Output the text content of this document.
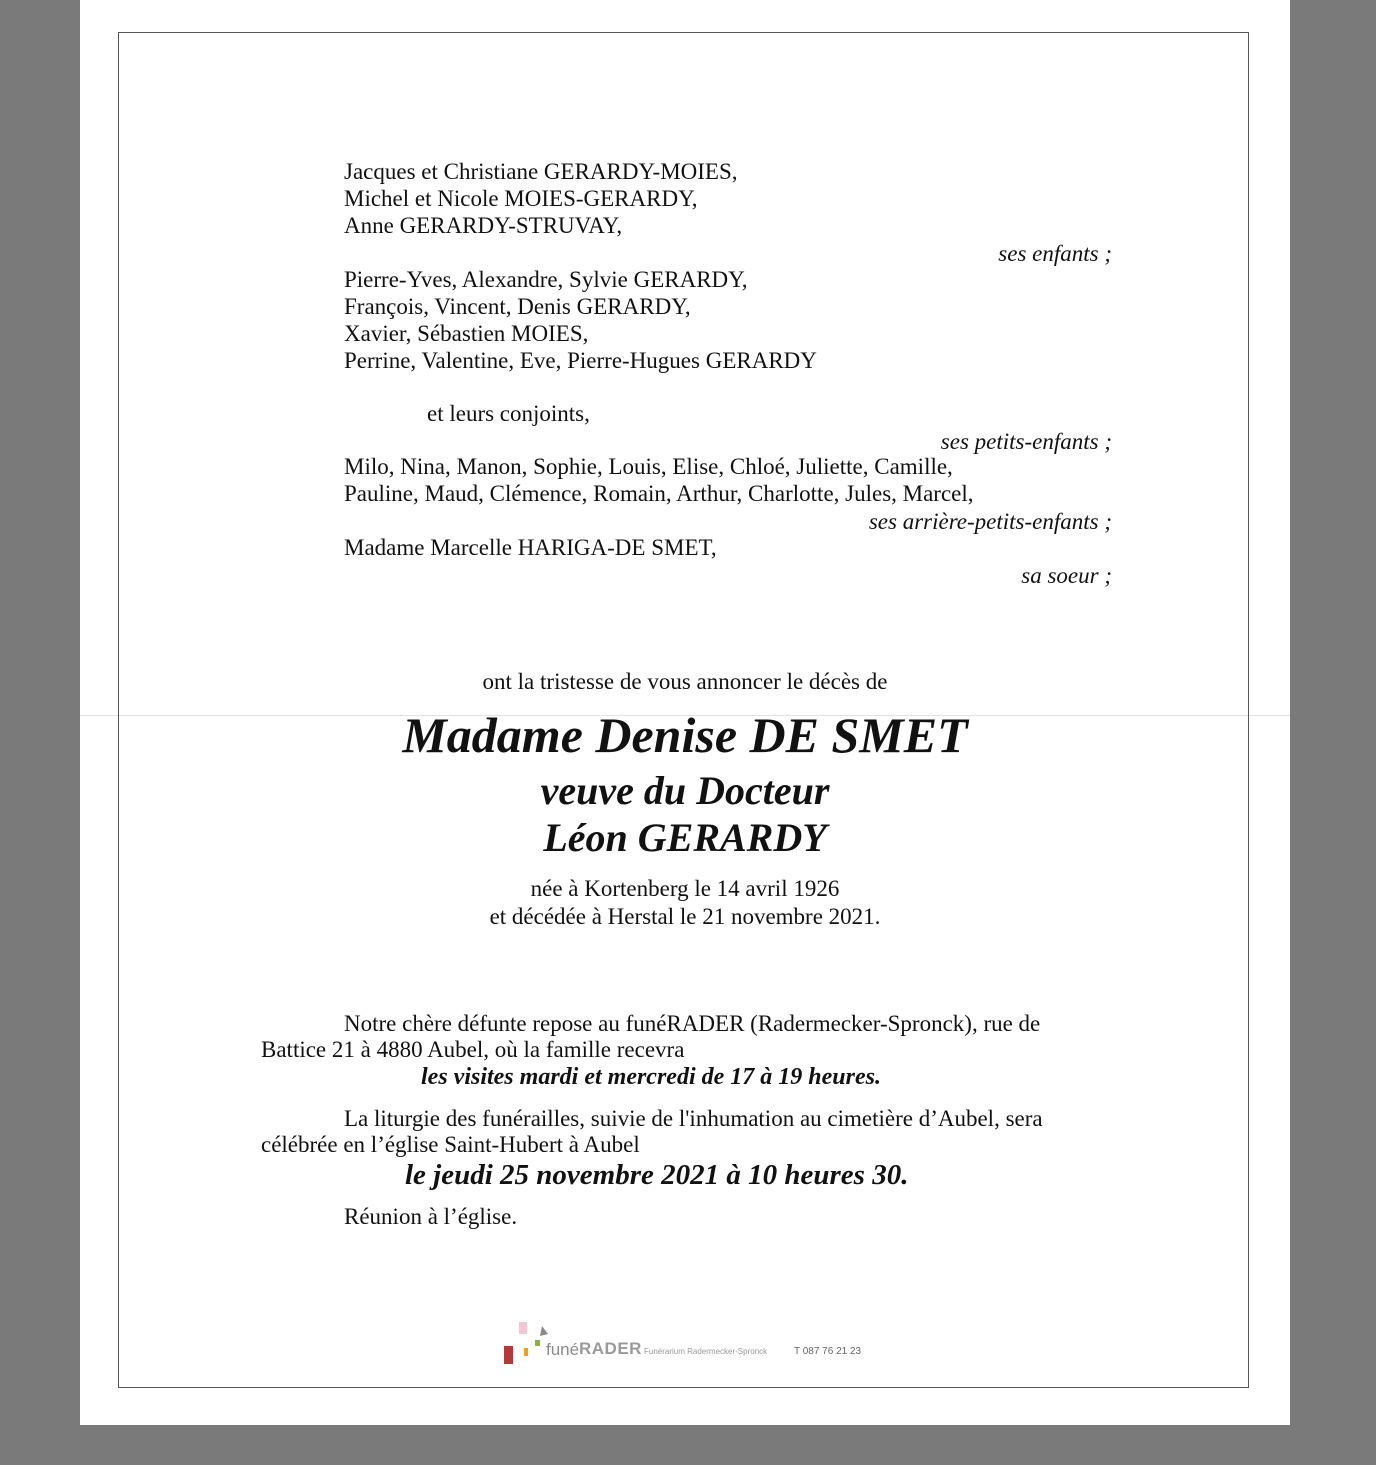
Jacques et Christiane GERARDY-MOIES,
Michel et Nicole MOIES-GERARDY,
Anne GERARDY-STRUVAY,
ses enfants ;
Pierre-Yves, Alexandre, Sylvie GERARDY,
François, Vincent, Denis GERARDY,
Xavier, Sébastien MOIES,
Perrine, Valentine, Eve, Pierre-Hugues GERARDY
et leurs conjoints,
ses petits-enfants ;
Milo, Nina, Manon, Sophie, Louis, Elise, Chloé, Juliette, Camille,
Pauline, Maud, Clémence, Romain, Arthur, Charlotte, Jules, Marcel,
ses arrière-petits-enfants ;
Madame Marcelle HARIGA-DE SMET,
sa soeur ;
ont la tristesse de vous annoncer le décès de
Madame Denise DE SMET
veuve du Docteur
Léon GERARDY
née à Kortenberg le 14 avril 1926
et décédée à Herstal le 21 novembre 2021.
Notre chère défunte repose au funéRADER (Radermecker-Spronck), rue de
Battice 21 à 4880 Aubel, où la famille recevra
les visites mardi et mercredi de 17 à 19 heures.
La liturgie des funérailles, suivie de l'inhumation au cimetière d’Aubel, sera
célébrée en l’église Saint-Hubert à Aubel
le jeudi 25 novembre 2021 à 10 heures 30.
Réunion à l’église.
funé RADER Funérarium Radermecker-Spronck	T 087 76 21 23
